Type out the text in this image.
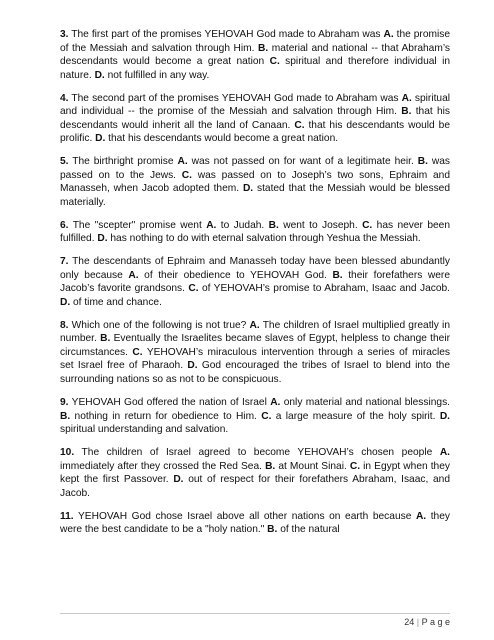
3. The first part of the promises YEHOVAH God made to Abraham was A. the promise of the Messiah and salvation through Him. B. material and national -- that Abraham’s descendants would become a great nation C. spiritual and therefore individual in nature. D. not fulfilled in any way.

4. The second part of the promises YEHOVAH God made to Abraham was A. spiritual and individual -- the promise of the Messiah and salvation through Him. B. that his descendants would inherit all the land of Canaan. C. that his descendants would be prolific. D. that his descendants would become a great nation.

5. The birthright promise A. was not passed on for want of a legitimate heir. B. was passed on to the Jews. C. was passed on to Joseph’s two sons, Ephraim and Manasseh, when Jacob adopted them. D. stated that the Messiah would be blessed materially.

6. The "scepter" promise went A. to Judah. B. went to Joseph. C. has never been fulfilled. D. has nothing to do with eternal salvation through Yeshua the Messiah.

7. The descendants of Ephraim and Manasseh today have been blessed abundantly only because A. of their obedience to YEHOVAH God. B. their forefathers were Jacob’s favorite grandsons. C. of YEHOVAH’s promise to Abraham, Isaac and Jacob. D. of time and chance.

8. Which one of the following is not true? A. The children of Israel multiplied greatly in number. B. Eventually the Israelites became slaves of Egypt, helpless to change their circumstances. C. YEHOVAH’s miraculous intervention through a series of miracles set Israel free of Pharaoh. D. God encouraged the tribes of Israel to blend into the surrounding nations so as not to be conspicuous.

9. YEHOVAH God offered the nation of Israel A. only material and national blessings. B. nothing in return for obedience to Him. C. a large measure of the holy spirit. D. spiritual understanding and salvation.

10. The children of Israel agreed to become YEHOVAH’s chosen people A. immediately after they crossed the Red Sea. B. at Mount Sinai. C. in Egypt when they kept the first Passover. D. out of respect for their forefathers Abraham, Isaac, and Jacob.

11. YEHOVAH God chose Israel above all other nations on earth because A. they were the best candidate to be a "holy nation." B. of the natural

24 | P a g e
